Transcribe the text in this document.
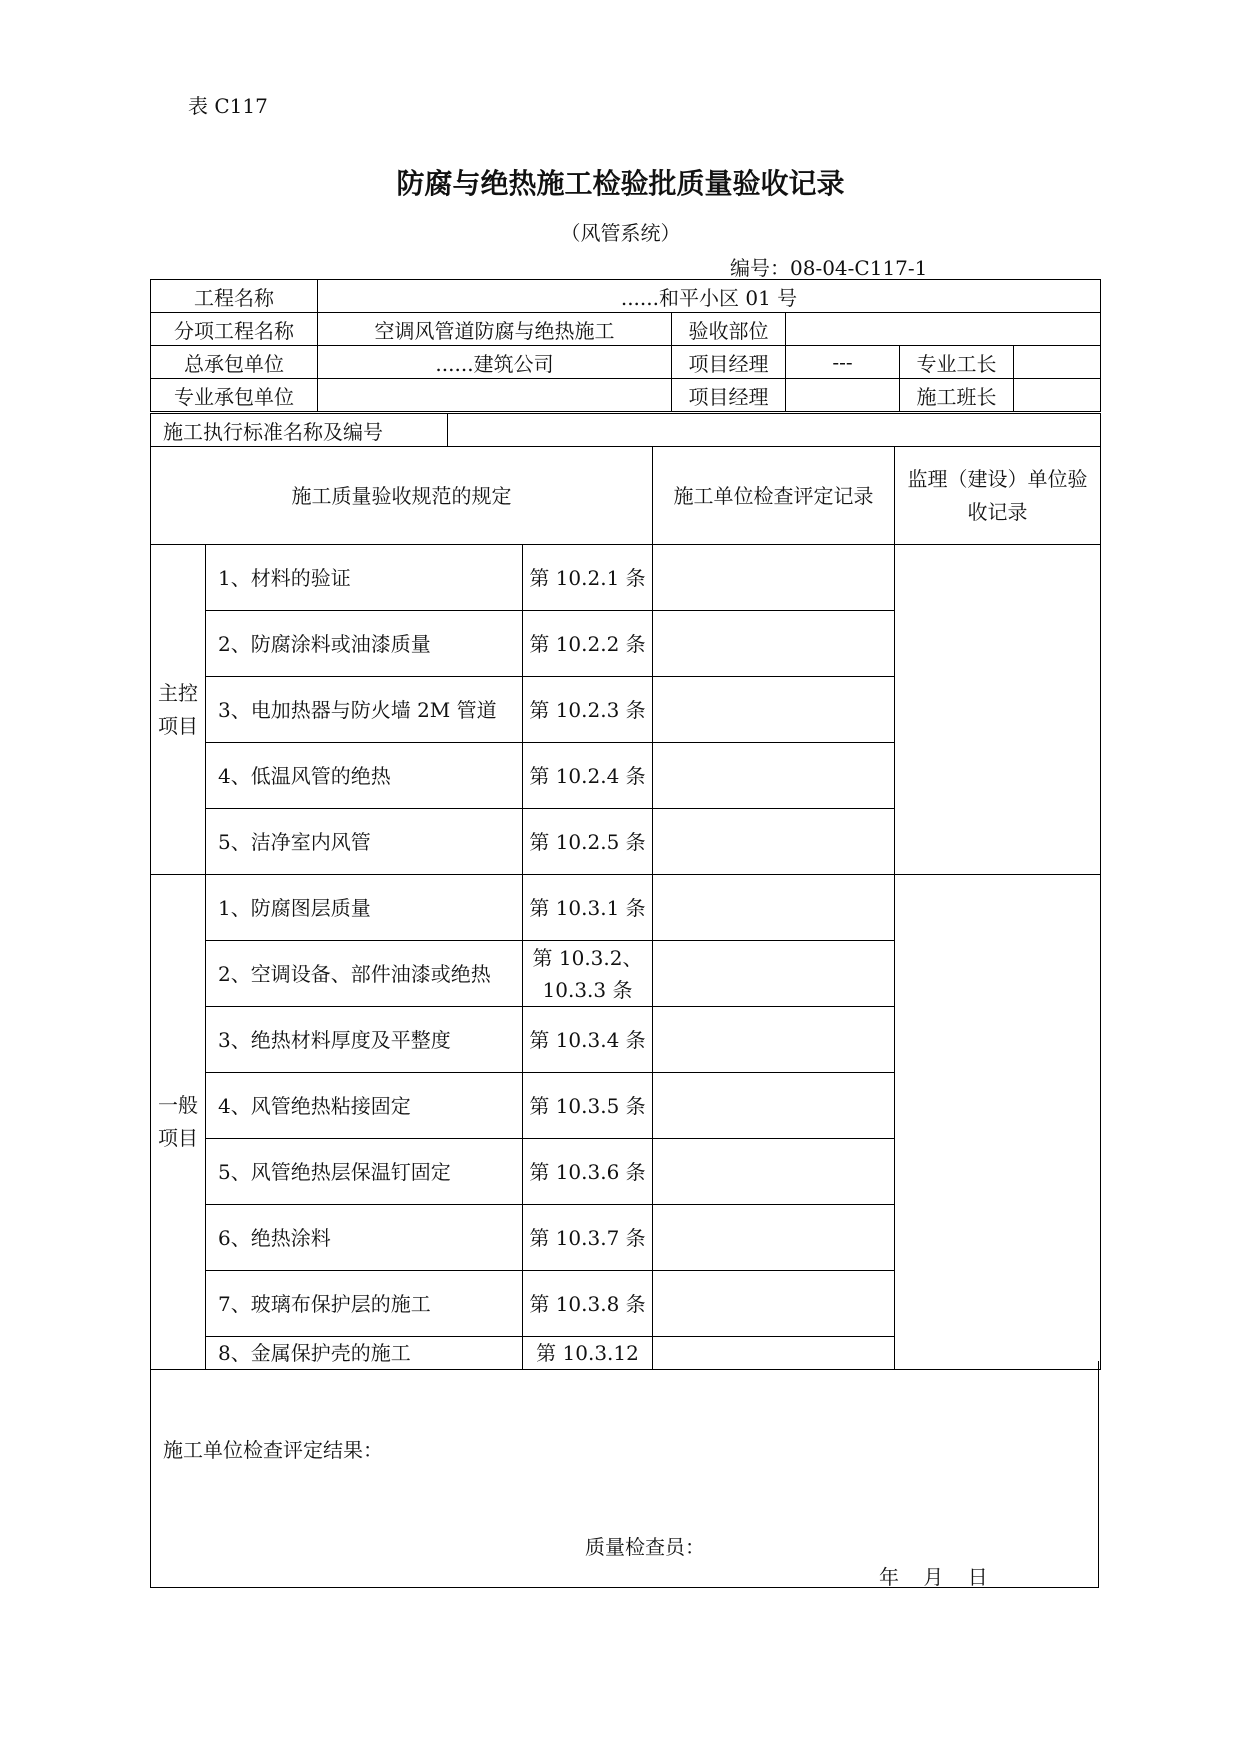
表 C117
防腐与绝热施工检验批质量验收记录
（风管系统）
编号：08-04-C117-1
工程名称	......和平小区 01 号				
分项工程名称	空调风管道防腐与绝热施工	验收部位			
总承包单位	......建筑公司	项目经理	---	专业工长	
专业承包单位		项目经理		施工班长	
施工执行标准名称及编号	
施工质量验收规范的规定			施工单位检查评定记录	监理（建设）单位验收记录
主控项目	1、材料的验证	第 10.2.1 条		
	2、防腐涂料或油漆质量	第 10.2.2 条		
	3、电加热器与防火墙 2M 管道	第 10.2.3 条		
	4、低温风管的绝热	第 10.2.4 条		
	5、洁净室内风管	第 10.2.5 条		
一般项目	1、防腐图层质量	第 10.3.1 条		
	2、空调设备、部件油漆或绝热	第 10.3.2、10.3.3 条		
	3、绝热材料厚度及平整度	第 10.3.4 条		
	4、风管绝热粘接固定	第 10.3.5 条		
	5、风管绝热层保温钉固定	第 10.3.6 条		
	6、绝热涂料	第 10.3.7 条		
	7、玻璃布保护层的施工	第 10.3.8 条		
	8、金属保护壳的施工	第 10.3.12		
施工单位检查评定结果：
质量检查员：
年 月 日
